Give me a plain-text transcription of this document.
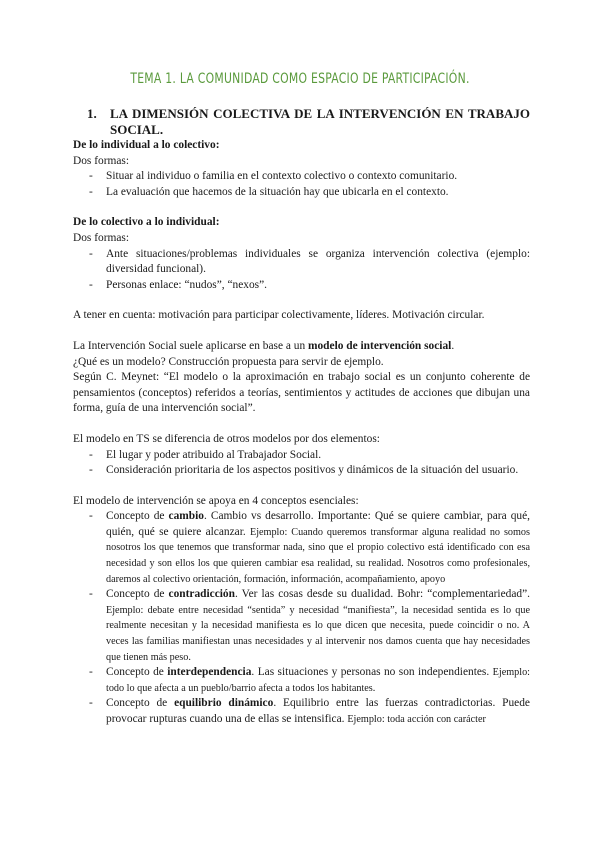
TEMA 1. LA COMUNIDAD COMO ESPACIO DE PARTICIPACIÓN.
1.	LA DIMENSIÓN COLECTIVA DE LA INTERVENCIÓN EN TRABAJO SOCIAL.

De lo individual a lo colectivo:

Dos formas:

- Situar al individuo o familia en el contexto colectivo o contexto comunitario.
- La evaluación que hacemos de la situación hay que ubicarla en el contexto.

De lo colectivo a lo individual:

Dos formas:

- Ante situaciones/problemas individuales se organiza intervención colectiva (ejemplo: diversidad funcional).
- Personas enlace: “nudos”, “nexos”.

A tener en cuenta: motivación para participar colectivamente, líderes. Motivación circular.

La Intervención Social suele aplicarse en base a un modelo de intervención social.

¿Qué es un modelo? Construcción propuesta para servir de ejemplo.

Según C. Meynet: “El modelo o la aproximación en trabajo social es un conjunto coherente de pensamientos (conceptos) referidos a teorías, sentimientos y actitudes de acciones que dibujan una forma, guía de una intervención social”.

El modelo en TS se diferencia de otros modelos por dos elementos:

- El lugar y poder atribuido al Trabajador Social.
- Consideración prioritaria de los aspectos positivos y dinámicos de la situación del usuario.

El modelo de intervención se apoya en 4 conceptos esenciales:

- Concepto de cambio. Cambio vs desarrollo. Importante: Qué se quiere cambiar, para qué, quién, qué se quiere alcanzar. Ejemplo: Cuando queremos transformar alguna realidad no somos nosotros los que tenemos que transformar nada, sino que el propio colectivo está identificado con esa necesidad y son ellos los que quieren cambiar esa realidad, su realidad. Nosotros como profesionales, daremos al colectivo orientación, formación, información, acompañamiento, apoyo
- Concepto de contradicción. Ver las cosas desde su dualidad. Bohr: “complementariedad”. Ejemplo: debate entre necesidad “sentida” y necesidad “manifiesta”, la necesidad sentida es lo que realmente necesitan y la necesidad manifiesta es lo que dicen que necesita, puede coincidir o no. A veces las familias manifiestan unas necesidades y al intervenir nos damos cuenta que hay necesidades que tienen más peso.
- Concepto de interdependencia. Las situaciones y personas no son independientes. Ejemplo: todo lo que afecta a un pueblo/barrio afecta a todos los habitantes.
- Concepto de equilibrio dinámico. Equilibrio entre las fuerzas contradictorias. Puede provocar rupturas cuando una de ellas se intensifica. Ejemplo: toda acción con carácter
